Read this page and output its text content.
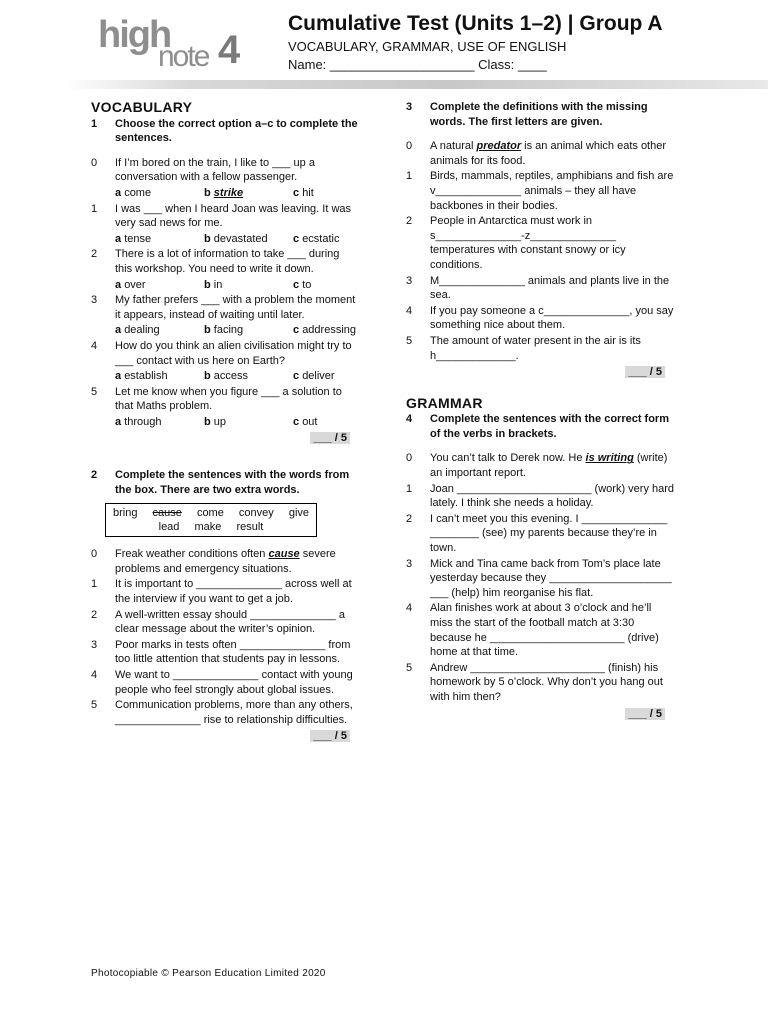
high
note 4
Cumulative Test (Units 1–2) | Group A
VOCABULARY, GRAMMAR, USE OF ENGLISH
Name: ____________________ Class: ____
VOCABULARY
1	Choose the correct option a–c to complete the sentences.
0	If I’m bored on the train, I like to ___ up a conversation with a fellow passenger.
a come	b strike	c hit
1	I was ___ when I heard Joan was leaving. It was very sad news for me.
a tense	b devastated	c ecstatic
2	There is a lot of information to take ___ during this workshop. You need to write it down.
a over	b in	c to
3	My father prefers ___ with a problem the moment it appears, instead of waiting until later.
a dealing	b facing	c addressing
4	How do you think an alien civilisation might try to ___ contact with us here on Earth?
a establish	b access	c deliver
5	Let me know when you figure ___ a solution to that Maths problem.
a through	b up	c out
___ / 5
2	Complete the sentences with the words from the box. There are two extra words.
bring cause come convey give
lead make result
0	Freak weather conditions often cause severe problems and emergency situations.
1	It is important to ______________ across well at the interview if you want to get a job.
2	A well-written essay should ______________ a clear message about the writer’s opinion.
3	Poor marks in tests often ______________ from too little attention that students pay in lessons.
4	We want to ______________ contact with young people who feel strongly about global issues.
5	Communication problems, more than any others, ______________ rise to relationship difficulties.
___ / 5
3	Complete the definitions with the missing words. The first letters are given.
0	A natural predator is an animal which eats other animals for its food.
1	Birds, mammals, reptiles, amphibians and fish are v______________ animals – they all have backbones in their bodies.
2	People in Antarctica must work in s______________-z______________ temperatures with constant snowy or icy conditions.
3	M______________ animals and plants live in the sea.
4	If you pay someone a c______________, you say something nice about them.
5	The amount of water present in the air is its h_____________.
___ / 5
GRAMMAR
4	Complete the sentences with the correct form of the verbs in brackets.
0	You can’t talk to Derek now. He is writing (write) an important report.
1	Joan ______________________ (work) very hard lately. I think she needs a holiday.
2	I can’t meet you this evening. I ______________ ________ (see) my parents because they’re in town.
3	Mick and Tina came back from Tom’s place late yesterday because they ____________________ ___ (help) him reorganise his flat.
4	Alan finishes work at about 3 o’clock and he’ll miss the start of the football match at 3:30 because he ______________________ (drive) home at that time.
5	Andrew ______________________ (finish) his homework by 5 o’clock. Why don’t you hang out with him then?
___ / 5
Photocopiable © Pearson Education Limited 2020
